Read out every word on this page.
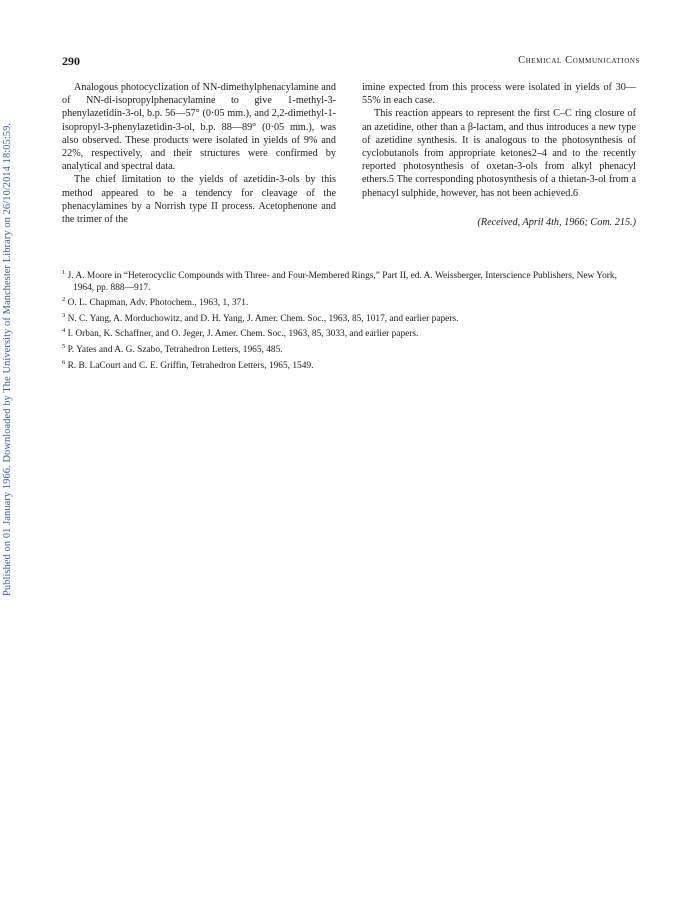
Published on 01 January 1966. Downloaded by The University of Manchester Library on 26/10/2014 18:05:59.
290	Chemical Communications

Analogous photocyclization of NN-dimethylphenacylamine and of NN-di-isopropylphenacylamine to give 1-methyl-3-phenylazetidin-3-ol, b.p. 56—57° (0·05 mm.), and 2,2-dimethyl-1-isopropyl-3-phenylazetidin-3-ol, b.p. 88—89° (0·05 mm.), was also observed. These products were isolated in yields of 9% and 22%, respectively, and their structures were confirmed by analytical and spectral data.

The chief limitation to the yields of azetidin-3-ols by this method appeared to be a tendency for cleavage of the phenacylamines by a Norrish type II process. Acetophenone and the trimer of the

imine expected from this process were isolated in yields of 30—55% in each case.

This reaction appears to represent the first C–C ring closure of an azetidine, other than a β-lactam, and thus introduces a new type of azetidine synthesis. It is analogous to the photosynthesis of cyclobutanols from appropriate ketones2–4 and to the recently reported photosynthesis of oxetan-3-ols from alkyl phenacyl ethers.5 The corresponding photosynthesis of a thietan-3-ol from a phenacyl sulphide, however, has not been achieved.6

(Received, April 4th, 1966; Com. 215.)

$^1$ J. A. Moore in “Heterocyclic Compounds with Three- and Four-Membered Rings,” Part II, ed. A. Weissberger, Interscience Publishers, New York, 1964, pp. 888—917.

$^2$ O. L. Chapman, Adv. Photochem., 1963, 1, 371.

$^3$ N. C. Yang, A. Morduchowitz, and D. H. Yang, J. Amer. Chem. Soc., 1963, 85, 1017, and earlier papers.

$^4$ I. Orban, K. Schaffner, and O. Jeger, J. Amer. Chem. Soc., 1963, 85, 3033, and earlier papers.

$^5$ P. Yates and A. G. Szabo, Tetrahedron Letters, 1965, 485.

$^6$ R. B. LaCourt and C. E. Griffin, Tetrahedron Letters, 1965, 1549.
